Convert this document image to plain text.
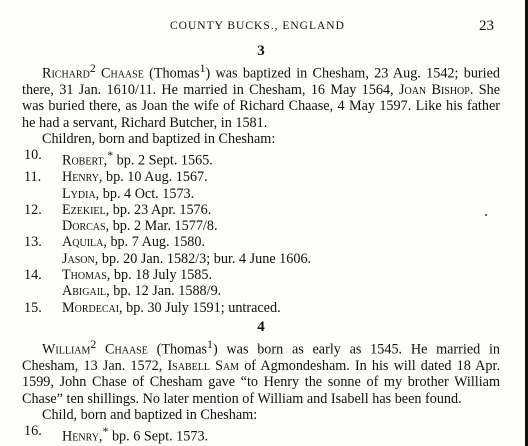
COUNTY BUCKS., ENGLAND	23
3

Richard$^2$ Chaase (Thomas$^1$) was baptized in Chesham, 23 Aug. 1542; buried there, 31 Jan. 1610/11. He married in Chesham, 16 May 1564, Joan Bishop. She was buried there, as Joan the wife of Richard Chaase, 4 May 1597. Like his father he had a servant, Richard Butcher, in 1581.

Children, born and baptized in Chesham:
10.	Robert,* bp. 2 Sept. 1565.
11.	Henry, bp. 10 Aug. 1567.
Lydia, bp. 4 Oct. 1573.
12.	Ezekiel, bp. 23 Apr. 1576.
Dorcas, bp. 2 Mar. 1577/8.
13.	Aquila, bp. 7 Aug. 1580.
Jason, bp. 20 Jan. 1582/3; bur. 4 June 1606.
14.	Thomas, bp. 18 July 1585.
Abigail, bp. 12 Jan. 1588/9.
15.	Mordecai, bp. 30 July 1591; untraced.
4

William$^2$ Chaase (Thomas$^1$) was born as early as 1545. He married in Chesham, 13 Jan. 1572, Isabell Sam of Agmondesham. In his will dated 18 Apr. 1599, John Chase of Chesham gave “to Henry the sonne of my brother William Chase” ten shillings. No later mention of William and Isabell has been found.

Child, born and baptized in Chesham:
16.	Henry,* bp. 6 Sept. 1573.
